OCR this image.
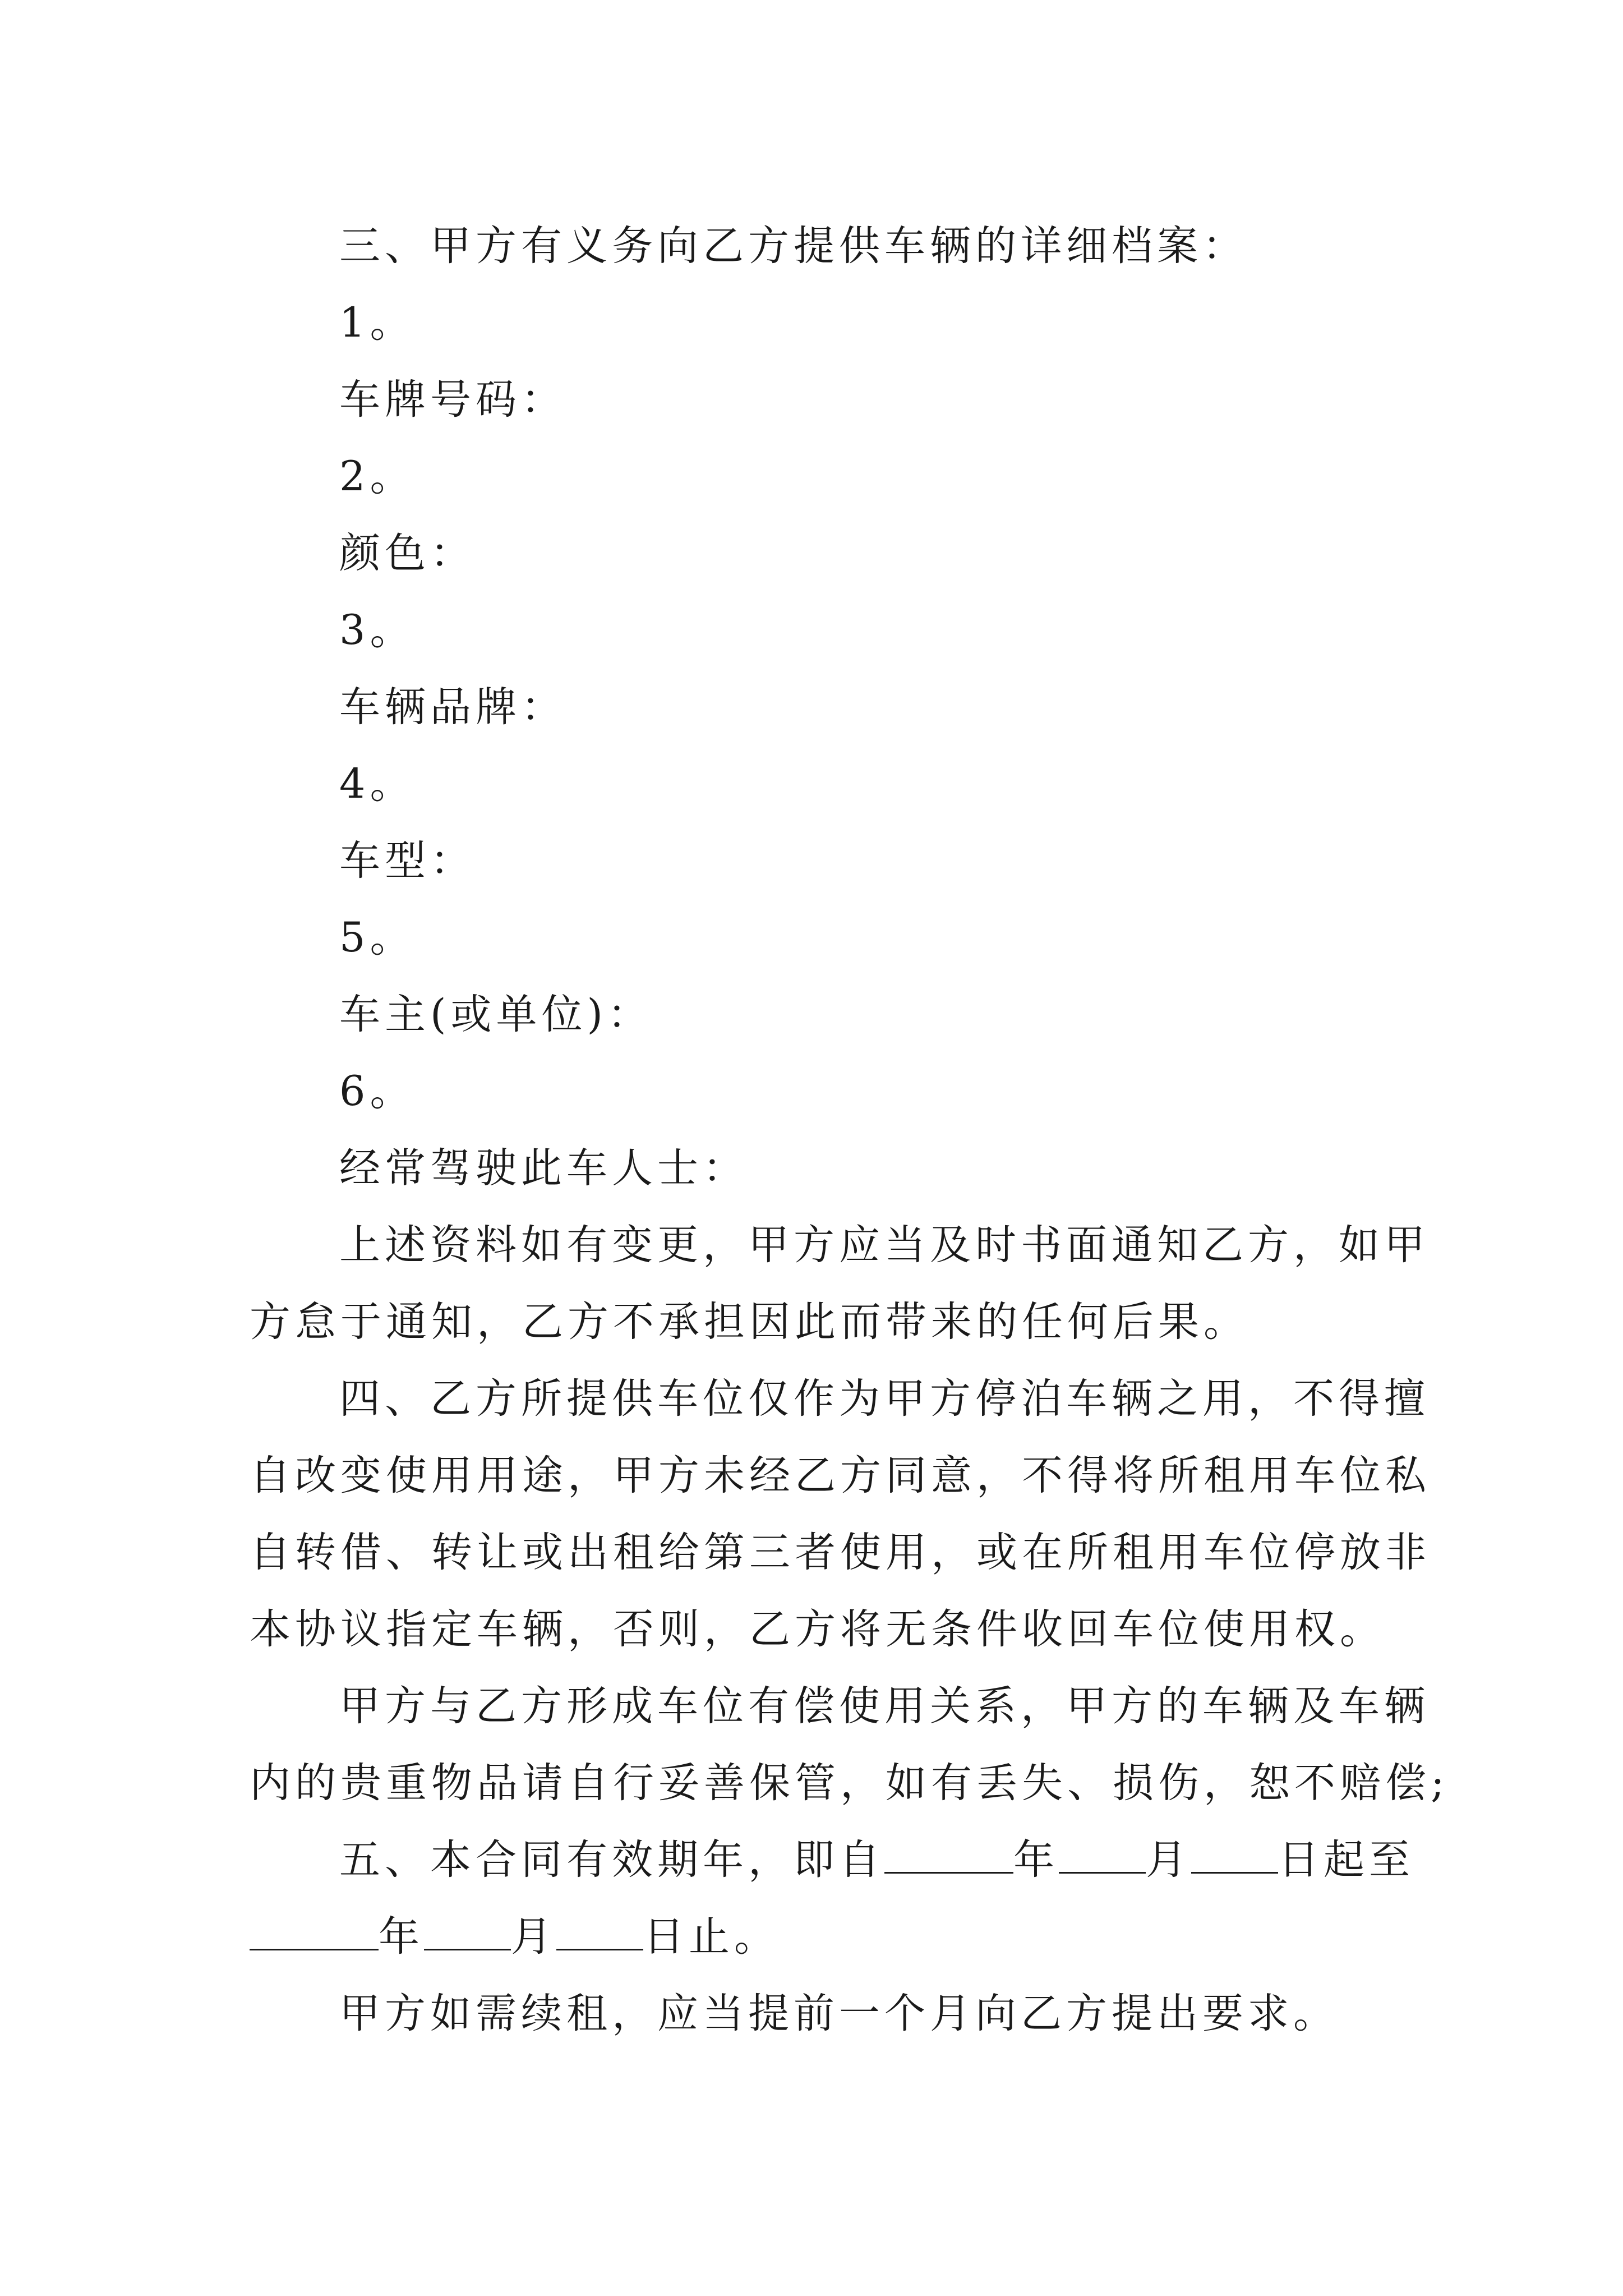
三、甲方有义务向乙方提供车辆的详细档案：
1。
车牌号码：
2。
颜色：
3。
车辆品牌：
4。
车型：
5。
车主(或单位)：
6。
经常驾驶此车人士：
上述资料如有变更，甲方应当及时书面通知乙方，如甲
方怠于通知，乙方不承担因此而带来的任何后果。
四、乙方所提供车位仅作为甲方停泊车辆之用，不得擅
自改变使用用途，甲方未经乙方同意，不得将所租用车位私
自转借、转让或出租给第三者使用，或在所租用车位停放非
本协议指定车辆，否则，乙方将无条件收回车位使用权。
甲方与乙方形成车位有偿使用关系，甲方的车辆及车辆
内的贵重物品请自行妥善保管，如有丢失、损伤，恕不赔偿;
五、本合同有效期年，即自	年 月 日起至
年 月 日止。
甲方如需续租，应当提前一个月向乙方提出要求。
